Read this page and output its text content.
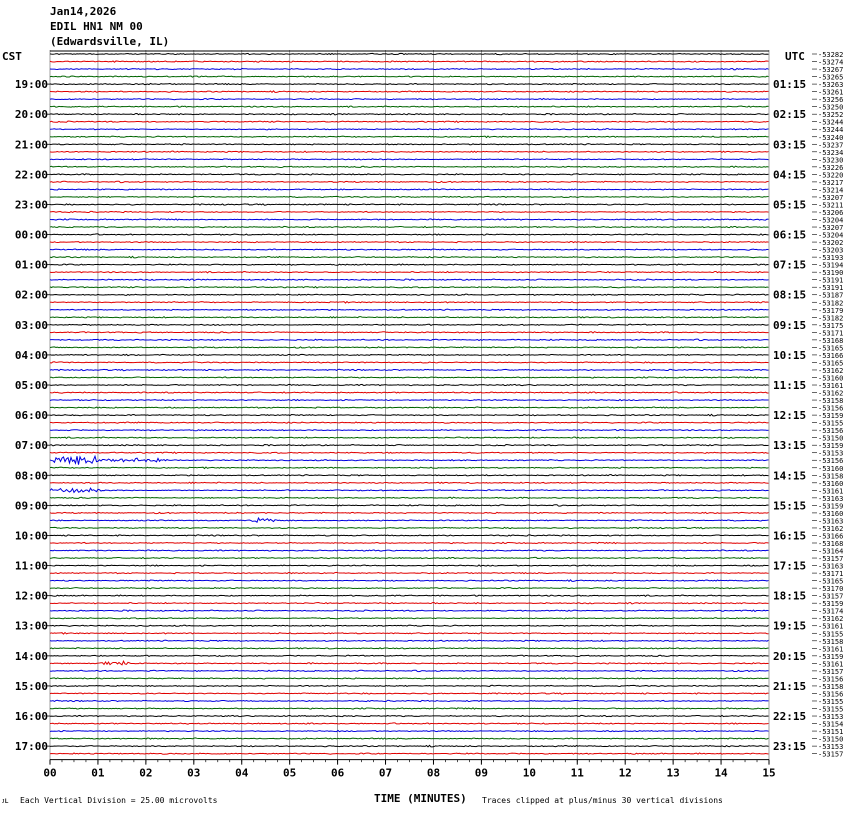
Jan14,2026
EDIL HN1 NM 00
(Edwardsville, IL)
CST	UTC
00	01	02	03	04	05	06	07	08	09	10	11	12	13	14	15
-53282
-53274
-53267
-53265
-53263
-53261
-53256
-53250
-53252
-53244
-53244
-53240
-53237
-53234
-53230
-53226
-53220
-53217
-53214
-53207
-53211
-53206
-53204
-53207
-53204
-53202
-53203
-53193
-53194
-53190
-53191
-53191
-53187
-53182
-53179
-53182
-53175
-53171
-53168
-53165
-53166
-53165
-53162
-53160
-53161
-53162
-53158
-53156
-53159
-53155
-53156
-53150
-53159
-53153
-53156
-53160
-53158
-53160
-53161
-53163
-53159
-53160
-53163
-53162
-53166
-53168
-53164
-53157
-53163
-53171
-53165
-53170
-53157
-53159
-53174
-53162
-53161
-53155
-53158
-53161
-53159
-53161
-53157
-53156
-53158
-53156
-53155
-53155
-53153
-53154
-53151
-53150
-53153
-53157
19:00	01:15
20:00	02:15
21:00	03:15
22:00	04:15
23:00	05:15
00:00	06:15
01:00	07:15
02:00	08:15
03:00	09:15
04:00	10:15
05:00	11:15
06:00	12:15
07:00	13:15
08:00	14:15
09:00	15:15
10:00	16:15
11:00	17:15
12:00	18:15
13:00	19:15
14:00	20:15
15:00	21:15
16:00	22:15
17:00	23:15
ᴊʟ Each Vertical Division = 25.00 microvolts	TIME (MINUTES) Traces clipped at plus/minus 30 vertical divisions
